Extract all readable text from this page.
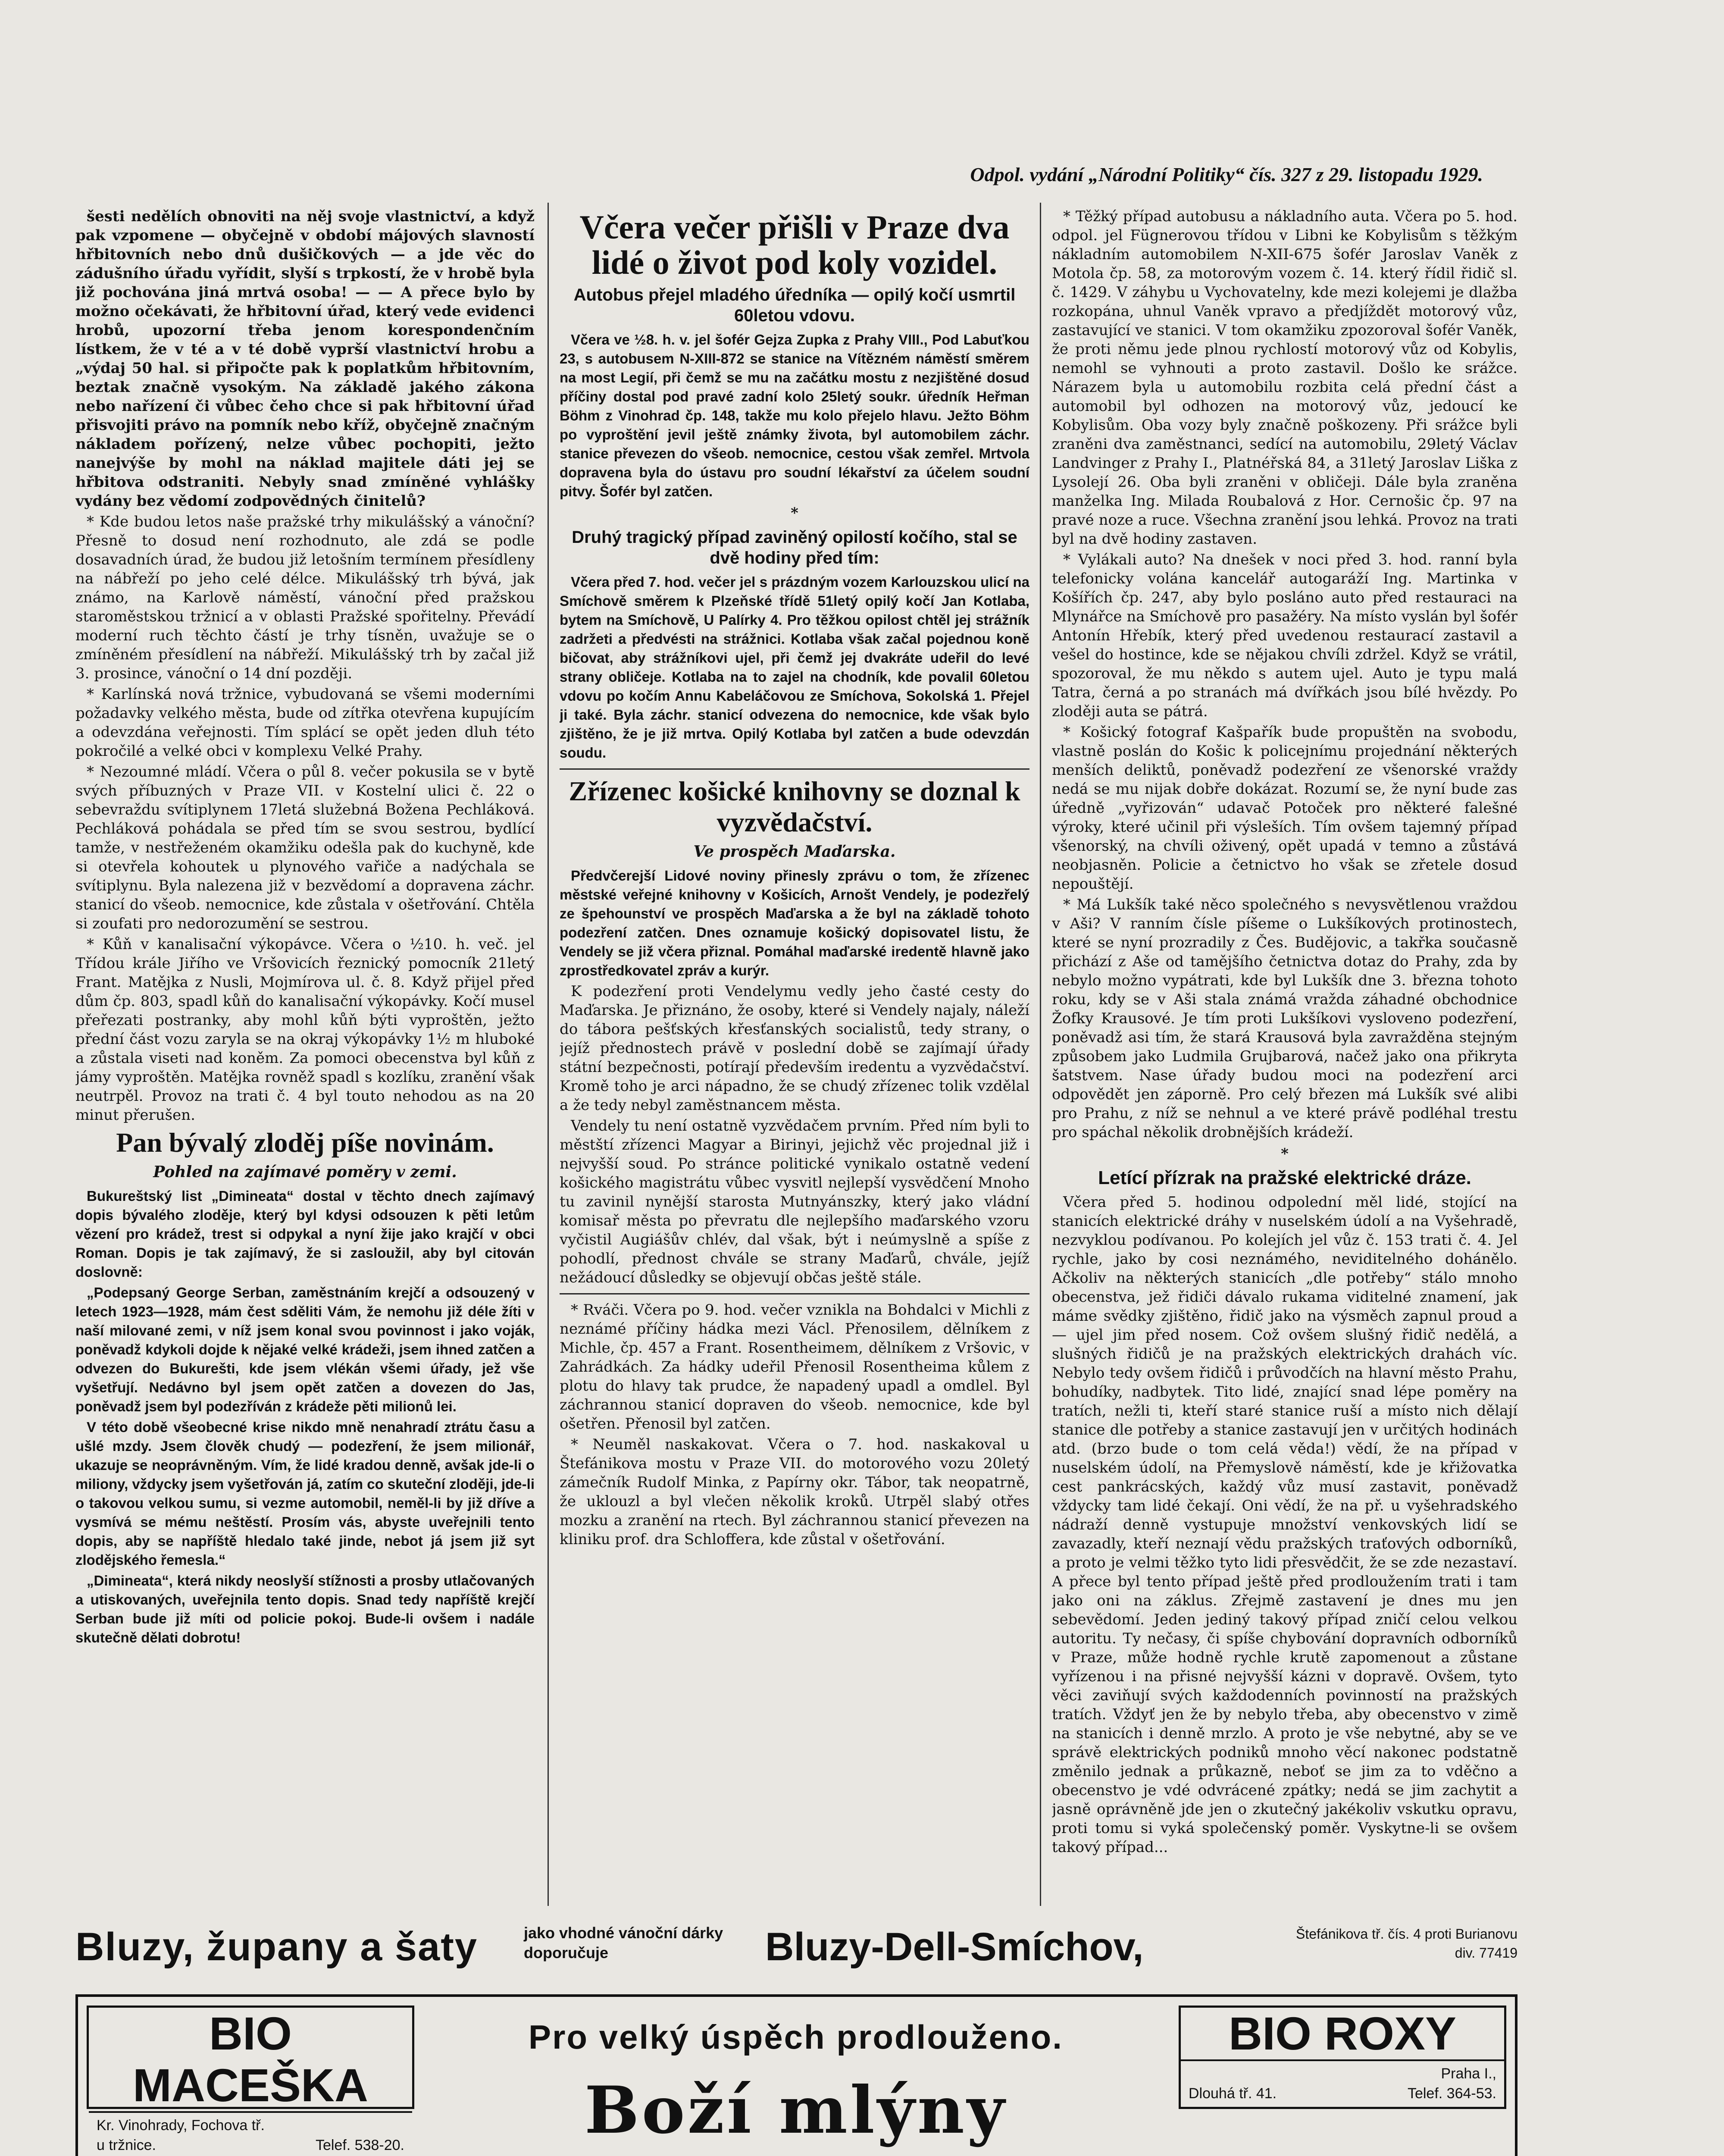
Odpol. vydání „Národní Politiky“ čís. 327 z 29. listopadu 1929.

šesti nedělích obnoviti na něj svoje vlastnictví, a když pak vzpomene — obyčejně v období májových slavností hřbitovních nebo dnů dušičkových — a jde věc do zádušního úřadu vyřídit, slyší s trpkostí, že v hrobě byla již pochována jiná mrtvá osoba! — — A přece bylo by možno očekávati, že hřbitovní úřad, který vede evidenci hrobů, upozorní třeba jenom korespondenčním lístkem, že v té a v té době vyprší vlastnictví hrobu a „výdaj 50 hal. si připočte pak k poplatkům hřbitovním, beztak značně vysokým. Na základě jakého zákona nebo nařízení či vůbec čeho chce si pak hřbitovní úřad přisvojiti právo na pomník nebo kříž, obyčejně značným nákladem pořízený, nelze vůbec pochopiti, ježto nanejvýše by mohl na náklad majitele dáti jej se hřbitova odstraniti. Nebyly snad zmíněné vyhlášky vydány bez vědomí zodpovědných činitelů?

* Kde budou letos naše pražské trhy mikulášský a vánoční? Přesně to dosud není rozhodnuto, ale zdá se podle dosavadních úrad, že budou již letošním termínem přesídleny na nábřeží po jeho celé délce. Mikulášský trh bývá, jak známo, na Karlově náměstí, vánoční před pražskou staroměstskou tržnicí a v oblasti Pražské spořitelny. Převádí moderní ruch těchto částí je trhy tísněn, uvažuje se o zmíněném přesídlení na nábřeží. Mikulášský trh by začal již 3. prosince, vánoční o 14 dní později.

* Karlínská nová tržnice, vybudovaná se všemi moderními požadavky velkého města, bude od zítřka otevřena kupujícím a odevzdána veřejnosti. Tím splácí se opět jeden dluh této pokročilé a velké obci v komplexu Velké Prahy.

* Nezoumné mládí. Včera o půl 8. večer pokusila se v bytě svých příbuzných v Praze VII. v Kostelní ulici č. 22 o sebevraždu svítiplynem 17letá služebná Božena Pechláková. Pechláková pohádala se před tím se svou sestrou, bydlící tamže, v nestřeženém okamžiku odešla pak do kuchyně, kde si otevřela kohoutek u plynového vařiče a nadýchala se svítiplynu. Byla nalezena již v bezvědomí a dopravena záchr. stanicí do všeob. nemocnice, kde zůstala v ošetřování. Chtěla si zoufati pro nedorozumění se sestrou.

* Kůň v kanalisační výkopávce. Včera o ½10. h. več. jel Třídou krále Jiřího ve Vršovicích řeznický pomocník 21letý Frant. Matějka z Nusli, Mojmírova ul. č. 8. Když přijel před dům čp. 803, spadl kůň do kanalisační výkopávky. Kočí musel přeřezati postranky, aby mohl kůň býti vyproštěn, ježto přední část vozu zaryla se na okraj výkopávky 1½ m hluboké a zůstala viseti nad koněm. Za pomoci obecenstva byl kůň z jámy vyproštěn. Matějka rovněž spadl s kozlíku, zranění však neutrpěl. Provoz na trati č. 4 byl touto nehodou as na 20 minut přerušen.

Pan bývalý zloděj píše novinám.
Pohled na zajímavé poměry v zemi.

Bukureštský list „Dimineata“ dostal v těchto dnech zajímavý dopis bývalého zloděje, který byl kdysi odsouzen k pěti letům vězení pro krádež, trest si odpykal a nyní žije jako krajčí v obci Roman. Dopis je tak zajímavý, že si zasloužil, aby byl citován doslovně:

„Podepsaný George Serban, zaměstnáním krejčí a odsouzený v letech 1923—1928, mám čest sděliti Vám, že nemohu již déle žíti v naší milované zemi, v níž jsem konal svou povinnost i jako voják, poněvadž kdykoli dojde k nějaké velké krádeži, jsem ihned zatčen a odvezen do Bukurešti, kde jsem vlékán všemi úřady, jež vše vyšetřují. Nedávno byl jsem opět zatčen a dovezen do Jas, poněvadž jsem byl podezříván z krádeže pěti milionů lei.

V této době všeobecné krise nikdo mně nenahradí ztrátu času a ušlé mzdy. Jsem člověk chudý — podezření, že jsem milionář, ukazuje se neoprávněným. Vím, že lidé kradou denně, avšak jde-li o miliony, vždycky jsem vyšetřován já, zatím co skuteční zloději, jde-li o takovou velkou sumu, si vezme automobil, neměl-li by již dříve a vysmívá se mému neštěstí. Prosím vás, abyste uveřejnili tento dopis, aby se napříště hledalo také jinde, nebot já jsem již syt zlodějského řemesla.“

„Dimineata“, která nikdy neoslyší stížnosti a prosby utlačovaných a utiskovaných, uveřejnila tento dopis. Snad tedy napříště krejčí Serban bude již míti od policie pokoj. Bude-li ovšem i nadále skutečně dělati dobrotu!

Včera večer přišli v Praze dva lidé o život pod koly vozidel.
Autobus přejel mladého úředníka — opilý kočí usmrtil 60letou vdovu.

Včera ve ½8. h. v. jel šofér Gejza Zupka z Prahy VIII., Pod Labuťkou 23, s autobusem N-XIII-872 se stanice na Vítězném náměstí směrem na most Legií, při čemž se mu na začátku mostu z nezjištěné dosud příčiny dostal pod pravé zadní kolo 25letý soukr. úředník Heřman Böhm z Vinohrad čp. 148, takže mu kolo přejelo hlavu. Ježto Böhm po vyproštění jevil ještě známky života, byl automobilem záchr. stanice převezen do všeob. nemocnice, cestou však zemřel. Mrtvola dopravena byla do ústavu pro soudní lékařství za účelem soudní pitvy. Šofér byl zatčen.

*
Druhý tragický případ zaviněný opilostí kočího, stal se dvě hodiny před tím:

Včera před 7. hod. večer jel s prázdným vozem Karlouzskou ulicí na Smíchově směrem k Plzeňské třídě 51letý opilý kočí Jan Kotlaba, bytem na Smíchově, U Palírky 4. Pro těžkou opilost chtěl jej strážník zadržeti a předvésti na strážnici. Kotlaba však začal pojednou koně bičovat, aby strážníkovi ujel, při čemž jej dvakráte udeřil do levé strany obličeje. Kotlaba na to zajel na chodník, kde povalil 60letou vdovu po kočím Annu Kabeláčovou ze Smíchova, Sokolská 1. Přejel ji také. Byla záchr. stanicí odvezena do nemocnice, kde však bylo zjištěno, že je již mrtva. Opilý Kotlaba byl zatčen a bude odevzdán soudu.

Zřízenec košické knihovny se doznal k vyzvědačství.
Ve prospěch Maďarska.

Předvčerejší Lidové noviny přinesly zprávu o tom, že zřízenec městské veřejné knihovny v Košicích, Arnošt Vendely, je podezřelý ze špehounství ve prospěch Maďarska a že byl na základě tohoto podezření zatčen. Dnes oznamuje košický dopisovatel listu, že Vendely se již včera přiznal. Pomáhal maďarské iredentě hlavně jako zprostředkovatel zpráv a kurýr.

K podezření proti Vendelymu vedly jeho časté cesty do Maďarska. Je přiznáno, že osoby, které si Vendely najaly, náleží do tábora pešťských křesťanských socialistů, tedy strany, o jejíž přednostech právě v poslední době se zajímají úřady státní bezpečnosti, potírají především iredentu a vyzvědačství. Kromě toho je arci nápadno, že se chudý zřízenec tolik vzdělal a že tedy nebyl zaměstnancem města.

Vendely tu není ostatně vyzvědačem prvním. Před ním byli to městští zřízenci Magyar a Birinyi, jejichž věc projednal již i nejvyšší soud. Po stránce politické vynikalo ostatně vedení košického magistrátu vůbec vysvitl nejlepší vysvědčení Mnoho tu zavinil nynější starosta Mutnyánszky, který jako vládní komisař města po převratu dle nejlepšího maďarského vzoru vyčistil Augiášův chlév, dal však, být i neúmyslně a spíše z pohodlí, přednost chvále se strany Maďarů, chvále, jejíž nežádoucí důsledky se objevují občas ještě stále.

* Rváči. Včera po 9. hod. večer vznikla na Bohdalci v Michli z neznámé příčiny hádka mezi Václ. Přenosilem, dělníkem z Michle, čp. 457 a Frant. Rosentheimem, dělníkem z Vršovic, v Zahrádkách. Za hádky udeřil Přenosil Rosentheima kůlem z plotu do hlavy tak prudce, že napadený upadl a omdlel. Byl záchrannou stanicí dopraven do všeob. nemocnice, kde byl ošetřen. Přenosil byl zatčen.

* Neuměl naskakovat. Včera o 7. hod. naskakoval u Štefánikova mostu v Praze VII. do motorového vozu 20letý zámečník Rudolf Minka, z Papírny okr. Tábor, tak neopatrně, že uklouzl a byl vlečen několik kroků. Utrpěl slabý otřes mozku a zranění na rtech. Byl záchrannou stanicí převezen na kliniku prof. dra Schloffera, kde zůstal v ošetřování.

* Těžký případ autobusu a nákladního auta. Včera po 5. hod. odpol. jel Fügnerovou třídou v Libni ke Kobylisům s těžkým nákladním automobilem N-XII-675 šofér Jaroslav Vaněk z Motola čp. 58, za motorovým vozem č. 14. který řídil řidič sl. č. 1429. V záhybu u Vychovatelny, kde mezi kolejemi je dlažba rozkopána, uhnul Vaněk vpravo a předjíždět motorový vůz, zastavující ve stanici. V tom okamžiku zpozoroval šofér Vaněk, že proti němu jede plnou rychlostí motorový vůz od Kobylis, nemohl se vyhnouti a proto zastavil. Došlo ke srážce. Nárazem byla u automobilu rozbita celá přední část a automobil byl odhozen na motorový vůz, jedoucí ke Kobylisům. Oba vozy byly značně poškozeny. Při srážce byli zraněni dva zaměstnanci, sedící na automobilu, 29letý Václav Landvinger z Prahy I., Platnéřská 84, a 31letý Jaroslav Liška z Lysolejí 26. Oba byli zraněni v obličeji. Dále byla zraněna manželka Ing. Milada Roubalová z Hor. Cernošic čp. 97 na pravé noze a ruce. Všechna zranění jsou lehká. Provoz na trati byl na dvě hodiny zastaven.

* Vylákali auto? Na dnešek v noci před 3. hod. ranní byla telefonicky volána kancelář autogaráží Ing. Martinka v Košířích čp. 247, aby bylo posláno auto před restauraci na Mlynářce na Smíchově pro pasažéry. Na místo vyslán byl šofér Antonín Hřebík, který před uvedenou restaurací zastavil a vešel do hostince, kde se nějakou chvíli zdržel. Když se vrátil, spozoroval, že mu někdo s autem ujel. Auto je typu malá Tatra, černá a po stranách má dvířkách jsou bílé hvězdy. Po zloději auta se pátrá.

* Košický fotograf Kašpařík bude propuštěn na svobodu, vlastně poslán do Košic k policejnímu projednání některých menších deliktů, poněvadž podezření ze všenorské vraždy nedá se mu nijak dobře dokázat. Rozumí se, že nyní bude zas úředně „vyřizován“ udavač Potoček pro některé falešné výroky, které učinil při výsleších. Tím ovšem tajemný případ všenorský, na chvíli oživený, opět upadá v temno a zůstává neobjasněn. Policie a četnictvo ho však se zřetele dosud nepouštějí.

* Má Lukšík také něco společného s nevysvětlenou vraždou v Aši? V ranním čísle píšeme o Lukšíkových protinostech, které se nyní prozradily z Čes. Budějovic, a takřka současně přichází z Aše od tamějšího četnictva dotaz do Prahy, zda by nebylo možno vypátrati, kde byl Lukšík dne 3. března tohoto roku, kdy se v Aši stala známá vražda záhadné obchodnice Žofky Krausové. Je tím proti Lukšíkovi vysloveno podezření, poněvadž asi tím, že stará Krausová byla zavražděna stejným způsobem jako Ludmila Grujbarová, načež jako ona přikryta šatstvem. Nase úřady budou moci na podezření arci odpovědět jen záporně. Pro celý březen má Lukšík své alibi pro Prahu, z níž se nehnul a ve které právě podléhal trestu pro spáchal několik drobnějších krádeží.

*
Letící přízrak na pražské elektrické dráze.

Včera před 5. hodinou odpolední měl lidé, stojící na stanicích elektrické dráhy v nuselském údolí a na Vyšehradě, nezvyklou podívanou. Po kolejích jel vůz č. 153 trati č. 4. Jel rychle, jako by cosi neznámého, neviditelného dohánělo. Ačkoliv na některých stanicích „dle potřeby“ stálo mnoho obecenstva, jež řidiči dávalo rukama viditelné znamení, jak máme svědky zjištěno, řidič jako na výsměch zapnul proud a — ujel jim před nosem. Což ovšem slušný řidič nedělá, a slušných řidičů je na pražských elektrických drahách víc. Nebylo tedy ovšem řidičů i průvodčích na hlavní město Prahu, bohudíky, nadbytek. Tito lidé, znající snad lépe poměry na tratích, nežli ti, kteří staré stanice ruší a místo nich dělají stanice dle potřeby a stanice zastavují jen v určitých hodinách atd. (brzo bude o tom celá věda!) vědí, že na případ v nuselském údolí, na Přemyslově náměstí, kde je křižovatka cest pankrácských, každý vůz musí zastavit, poněvadž vždycky tam lidé čekají. Oni vědí, že na př. u vyšehradského nádraží denně vystupuje množství venkovských lidí se zavazadly, kteří neznají vědu pražských traťových odborníků, a proto je velmi těžko tyto lidi přesvědčit, že se zde nezastaví. A přece byl tento případ ještě před prodloužením trati i tam jako oni na záklus. Zřejmě zastavení je dnes mu jen sebevědomí. Jeden jediný takový případ zničí celou velkou autoritu. Ty nečasy, či spíše chybování dopravních odborníků v Praze, může hodně rychle krutě zapomenout a zůstane vyřízenou i na přisné nejvyšší kázni v dopravě. Ovšem, tyto věci zaviňují svých každodenních povinností na pražských tratích. Vždyť jen že by nebylo třeba, aby obecenstvo v zimě na stanicích i denně mrzlo. A proto je vše nebytné, aby se ve správě elektrických podniků mnoho věcí nakonec podstatně změnilo jednak a průkazně, neboť se jim za to vděčno a obecenstvo je vdé odvrácené zpátky; nedá se jim zachytit a jasně oprávněně jde jen o zkutečný jakékoliv vskutku opravu, proti tomu si vyká společenský poměr. Vyskytne-li se ovšem takový případ...

Bluzy, župany a šaty	jako vhodné vánoční dárky doporučuje	Bluzy-Dell-Smíchov,	Štefánikova tř. čís. 4 proti Burianovu div. 77419
BIO MACEŠKA
Kr. Vinohrady, Fochova tř.
u tržnice.	Telef. 538-20.
Pro velký úspěch prodlouženo.
Boží mlýny
BIO ROXY
Praha I.,
Dlouhá tř. 41.	Telef. 364-53.
